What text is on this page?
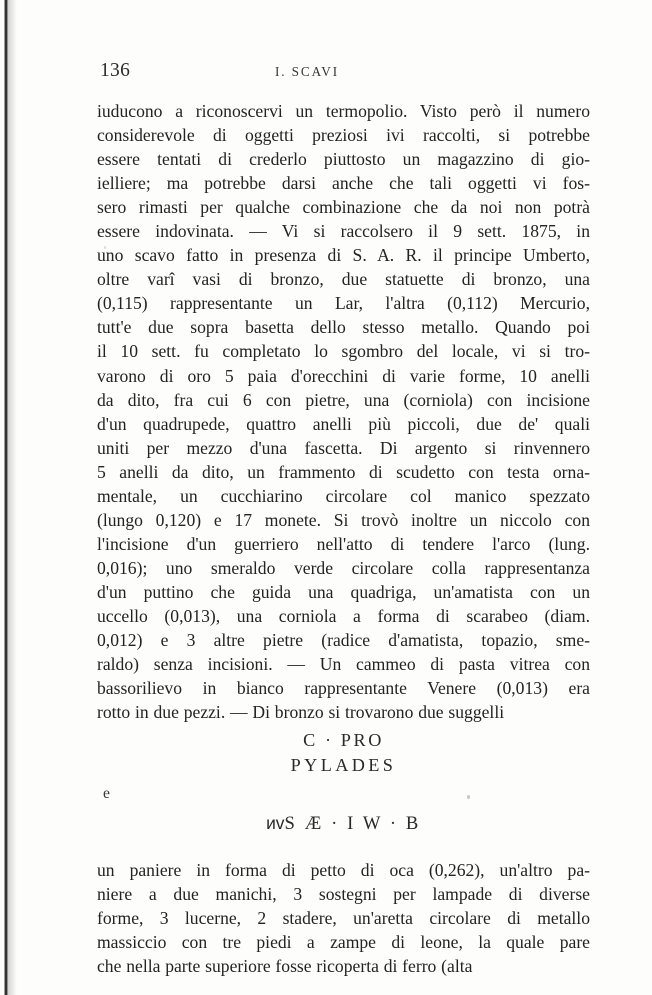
136	I. SCAVI
iuducono a riconoscervi un termopolio. Visto però il numero
considerevole di oggetti preziosi ivi raccolti, si potrebbe
essere tentati di crederlo piuttosto un magazzino di gio-
ielliere; ma potrebbe darsi anche che tali oggetti vi fos-
sero rimasti per qualche combinazione che da noi non potrà
essere indovinata. — Vi si raccolsero il 9 sett. 1875, in
uno scavo fatto in presenza di S. A. R. il principe Umberto,
oltre varî vasi di bronzo, due statuette di bronzo, una
(0,115) rappresentante un Lar, l'altra (0,112) Mercurio,
tutt'e due sopra basetta dello stesso metallo. Quando poi
il 10 sett. fu completato lo sgombro del locale, vi si tro-
varono di oro 5 paia d'orecchini di varie forme, 10 anelli
da dito, fra cui 6 con pietre, una (corniola) con incisione
d'un quadrupede, quattro anelli più piccoli, due de' quali
uniti per mezzo d'una fascetta. Di argento si rinvennero
5 anelli da dito, un frammento di scudetto con testa orna-
mentale, un cucchiarino circolare col manico spezzato
(lungo 0,120) e 17 monete. Si trovò inoltre un niccolo con
l'incisione d'un guerriero nell'atto di tendere l'arco (lung.
0,016); uno smeraldo verde circolare colla rappresentanza
d'un puttino che guida una quadriga, un'amatista con un
uccello (0,013), una corniola a forma di scarabeo (diam.
0,012) e 3 altre pietre (radice d'amatista, topazio, sme-
raldo) senza incisioni. — Un cammeo di pasta vitrea con
bassorilievo in bianco rappresentante Venere (0,013) era
rotto in due pezzi. — Di bronzo si trovarono due suggelli
C · PRO
PYLADES
ᴎᴠS Æ · I W · B
e
un paniere in forma di petto di oca (0,262), un'altro pa-
niere a due manichi, 3 sostegni per lampade di diverse
forme, 3 lucerne, 2 stadere, un'aretta circolare di metallo
massiccio con tre piedi a zampe di leone, la quale pare
che nella parte superiore fosse ricoperta di ferro (alta
